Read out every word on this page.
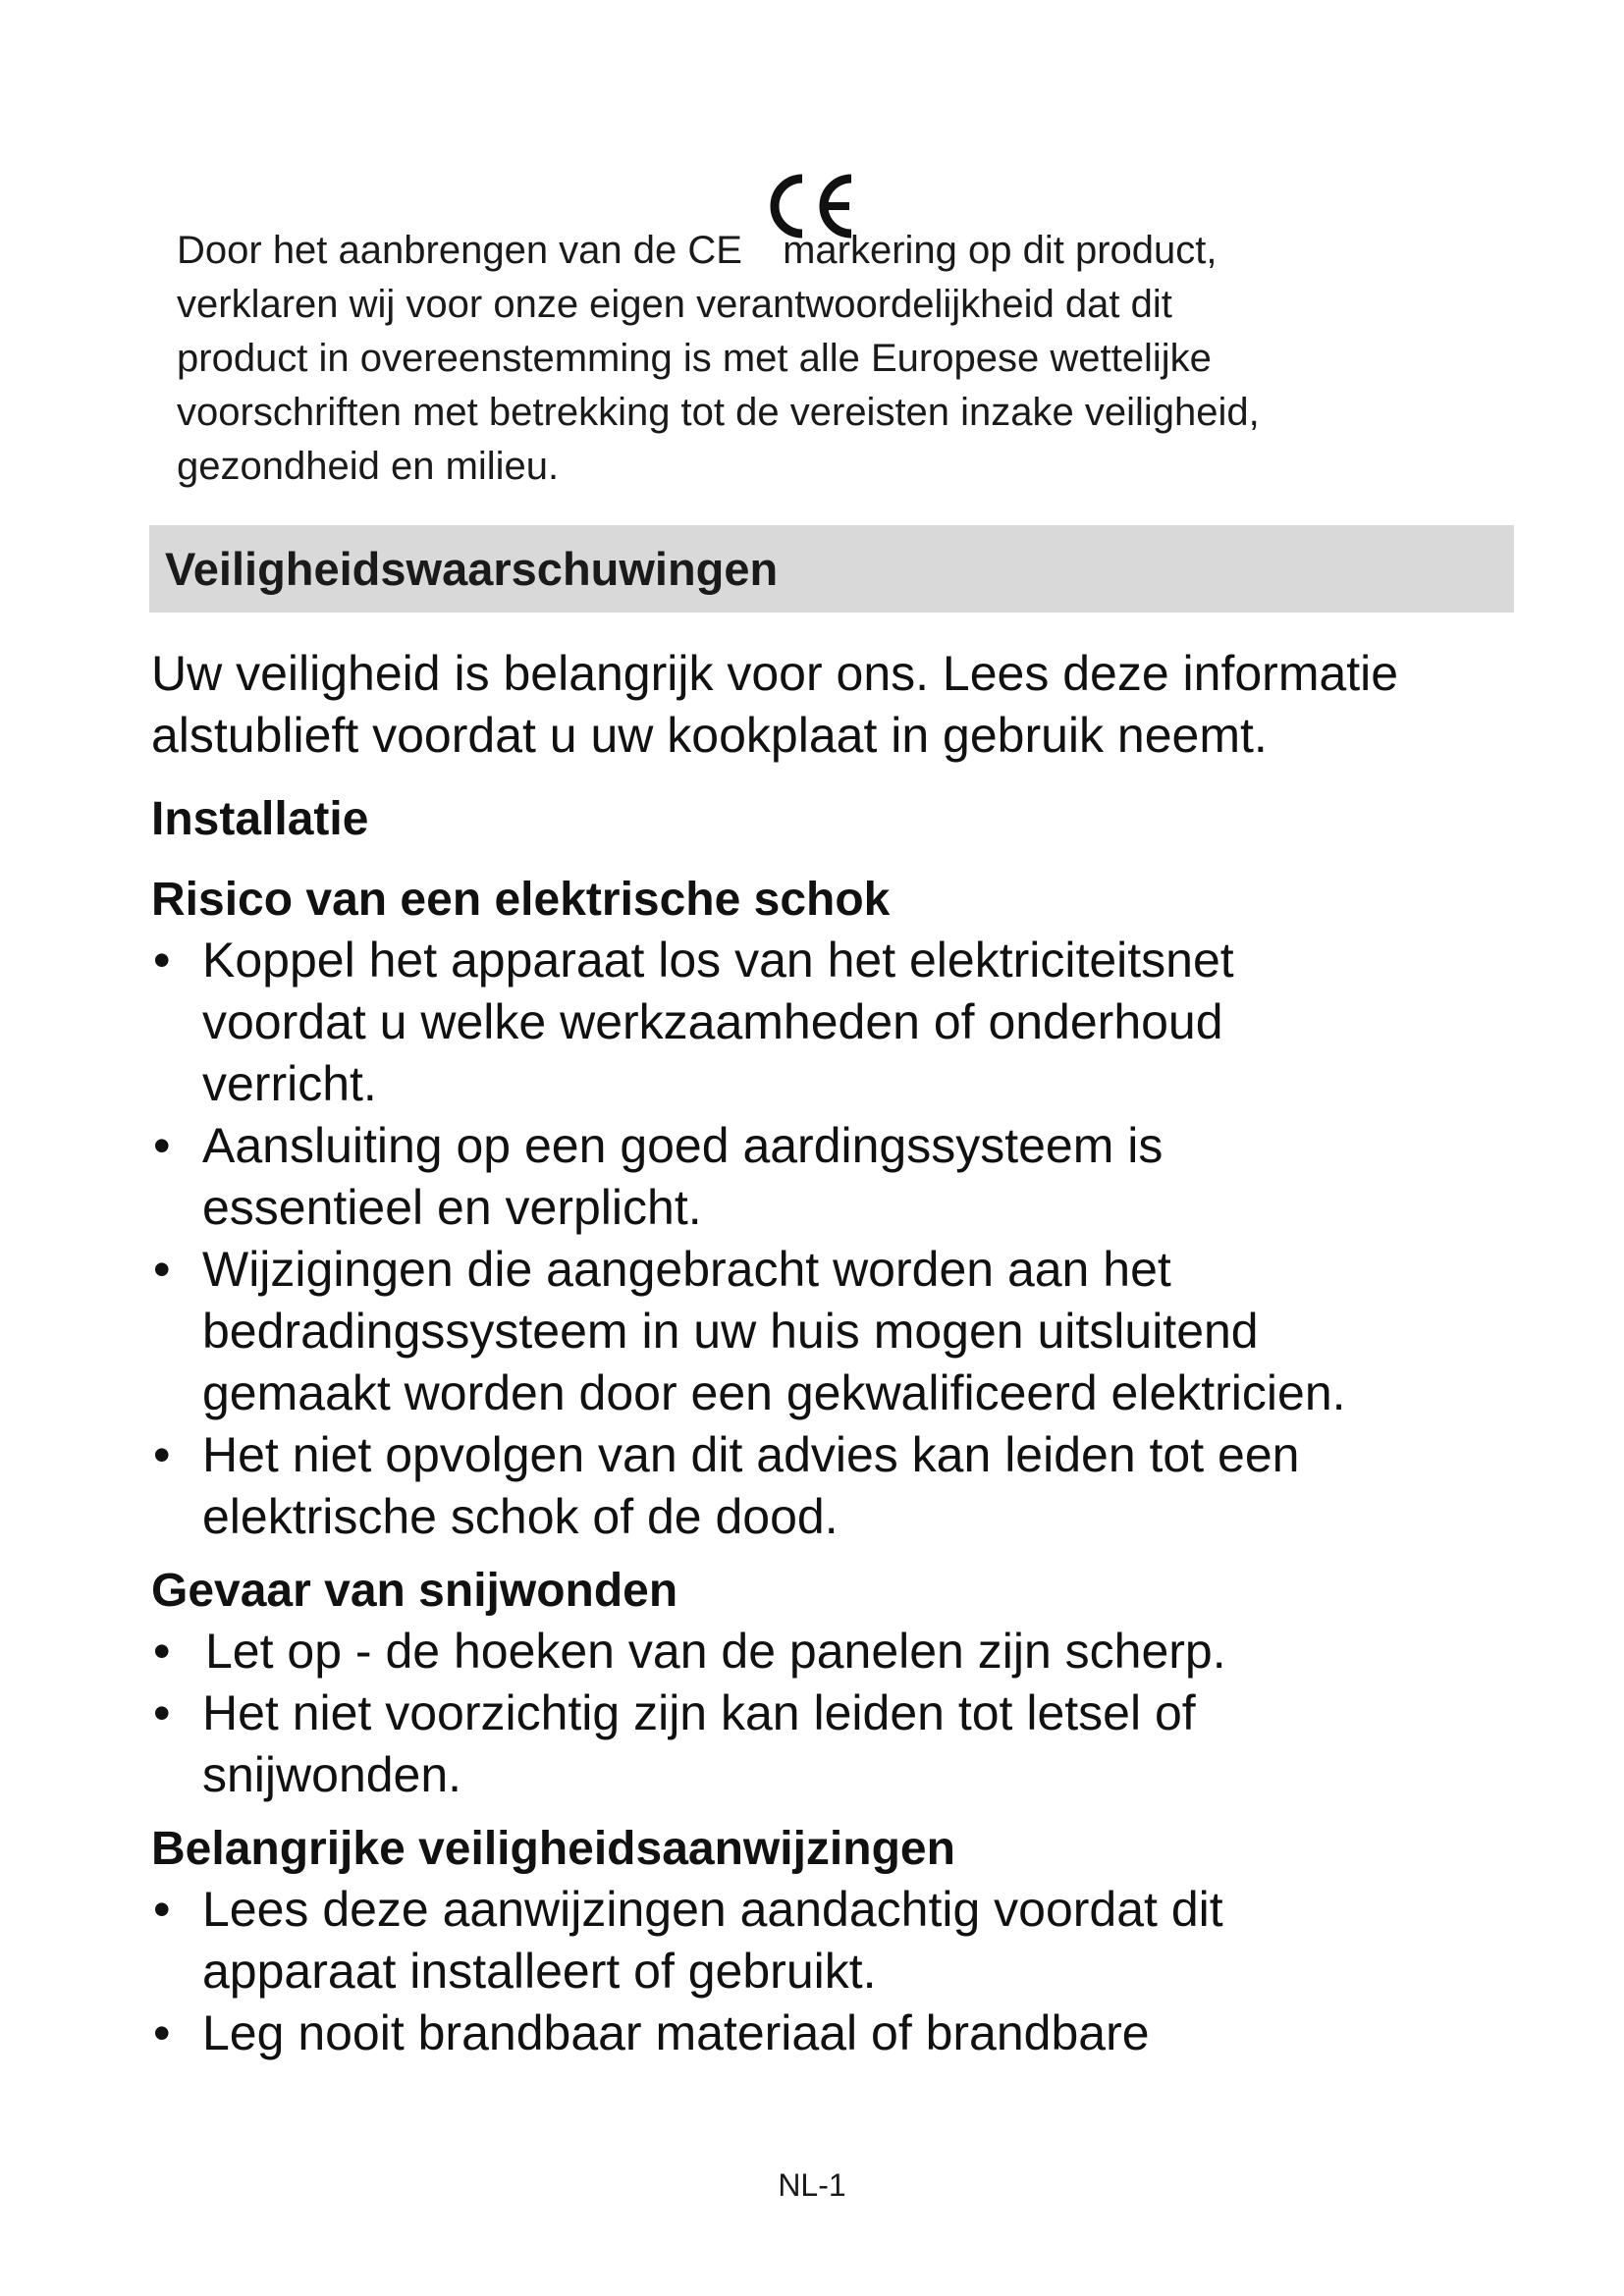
Door het aanbrengen van de CE
markering op dit product,

verklaren wij voor onze eigen verantwoordelijkheid dat dit

product in overeenstemming is met alle Europese wettelijke

voorschriften met betrekking tot de vereisten inzake veiligheid,

gezondheid en milieu.

Veiligheidswaarschuwingen

Uw veiligheid is belangrijk voor ons. Lees deze informatie
alstublieft voordat u uw kookplaat in gebruik neemt.

Installatie
Risico van een elektrische schok
• Koppel het apparaat los van het elektriciteitsnet
voordat u welke werkzaamheden of onderhoud
verricht.
• Aansluiting op een goed aardingssysteem is
essentieel en verplicht.
• Wijzigingen die aangebracht worden aan het
bedradingssysteem in uw huis mogen uitsluitend
gemaakt worden door een gekwalificeerd elektricien.
• Het niet opvolgen van dit advies kan leiden tot een
elektrische schok of de dood.
Gevaar van snijwonden
• Let op - de hoeken van de panelen zijn scherp.
• Het niet voorzichtig zijn kan leiden tot letsel of
snijwonden.
Belangrijke veiligheidsaanwijzingen
• Lees deze aanwijzingen aandachtig voordat dit
apparaat installeert of gebruikt.
• Leg nooit brandbaar materiaal of brandbare
NL-1
